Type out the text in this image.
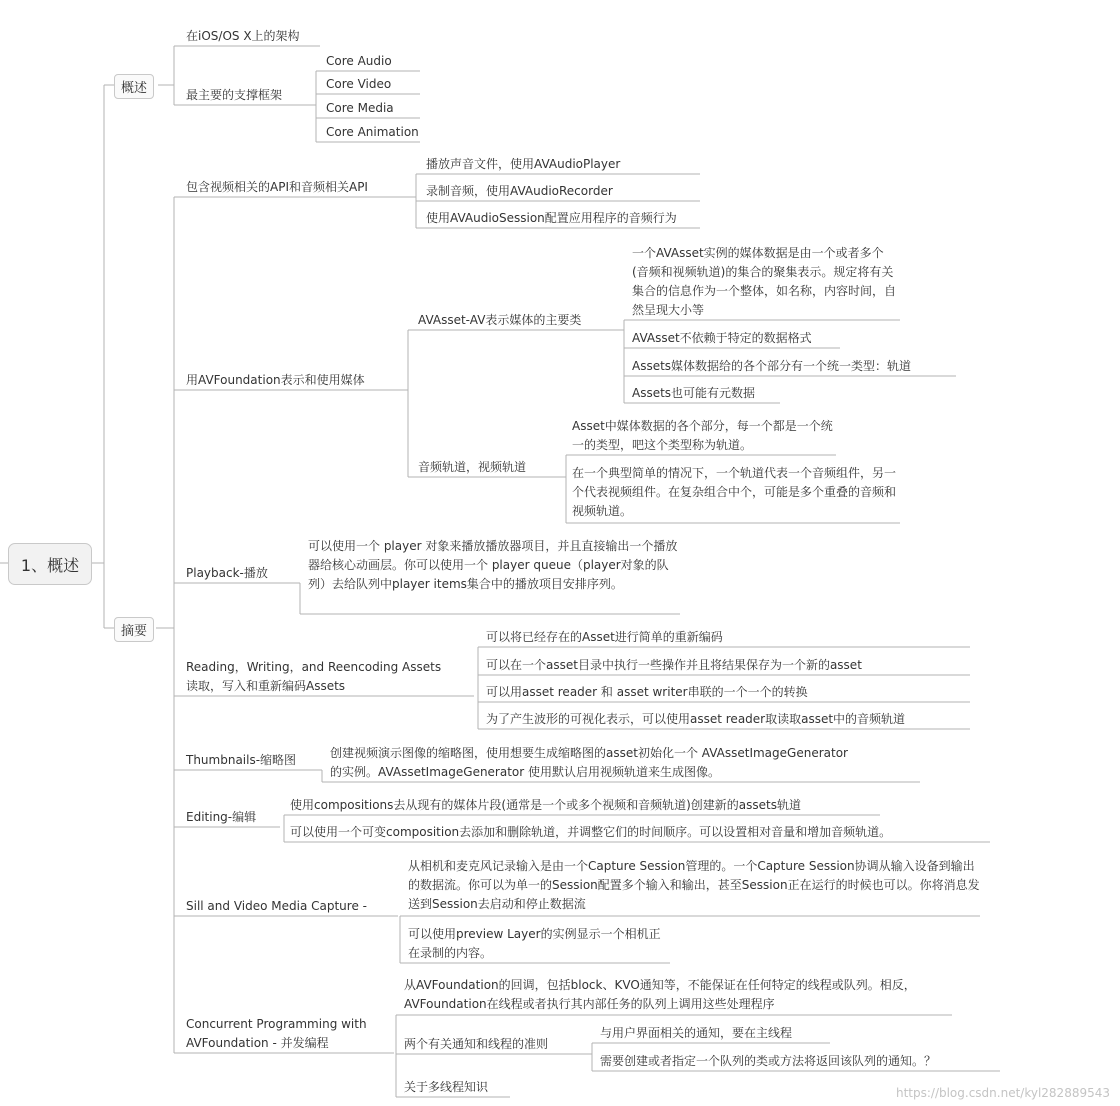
1、概述
概述
在iOS/OS X上的架构
最主要的支撑框架
Core Audio
Core Video
Core Media
Core Animation
摘要
包含视频相关的API和音频相关API
播放声音文件，使用AVAudioPlayer
录制音频，使用AVAudioRecorder
使用AVAudioSession配置应用程序的音频行为
用AVFoundation表示和使用媒体
AVAsset-AV表示媒体的主要类
一个AVAsset实例的媒体数据是由一个或者多个(音频和视频轨道)的集合的聚集表示。规定将有关集合的信息作为一个整体，如名称，内容时间，自然呈现大小等
AVAsset不依赖于特定的数据格式
Assets媒体数据给的各个部分有一个统一类型：轨道
Assets也可能有元数据
音频轨道，视频轨道
Asset中媒体数据的各个部分，每一个都是一个统一的类型，吧这个类型称为轨道。
在一个典型简单的情况下，一个轨道代表一个音频组件，另一个代表视频组件。在复杂组合中个，可能是多个重叠的音频和视频轨道。
Playback-播放
可以使用一个 player 对象来播放播放器项目，并且直接输出一个播放器给核心动画层。你可以使用一个 player queue（player对象的队列）去给队列中player items集合中的播放项目安排序列。
Reading，Writing，and Reencoding Assets
读取，写入和重新编码Assets
可以将已经存在的Asset进行简单的重新编码
可以在一个asset目录中执行一些操作并且将结果保存为一个新的asset
可以用asset reader 和 asset writer串联的一个一个的转换
为了产生波形的可视化表示，可以使用asset reader取读取asset中的音频轨道
Thumbnails-缩略图	创建视频演示图像的缩略图，使用想要生成缩略图的asset初始化一个 AVAssetImageGenerator
的实例。AVAssetImageGenerator 使用默认启用视频轨道来生成图像。
Editing-编辑
使用compositions去从现有的媒体片段(通常是一个或多个视频和音频轨道)创建新的assets轨道
可以使用一个可变composition去添加和删除轨道，并调整它们的时间顺序。可以设置相对音量和增加音频轨道。
Sill and Video Media Capture -
从相机和麦克风记录输入是由一个Capture Session管理的。一个Capture Session协调从输入设备到输出的数据流。你可以为单一的Session配置多个输入和输出，甚至Session正在运行的时候也可以。你将消息发送到Session去启动和停止数据流
可以使用preview Layer的实例显示一个相机正在录制的内容。
Concurrent Programming with
AVFoundation - 并发编程
从AVFoundation的回调，包括block、KVO通知等，不能保证在任何特定的线程或队列。相反，AVFoundation在线程或者执行其内部任务的队列上调用这些处理程序
两个有关通知和线程的准则
与用户界面相关的通知，要在主线程
需要创建或者指定一个队列的类或方法将返回该队列的通知。？
关于多线程知识	https://blog.csdn.net/kyl282889543
